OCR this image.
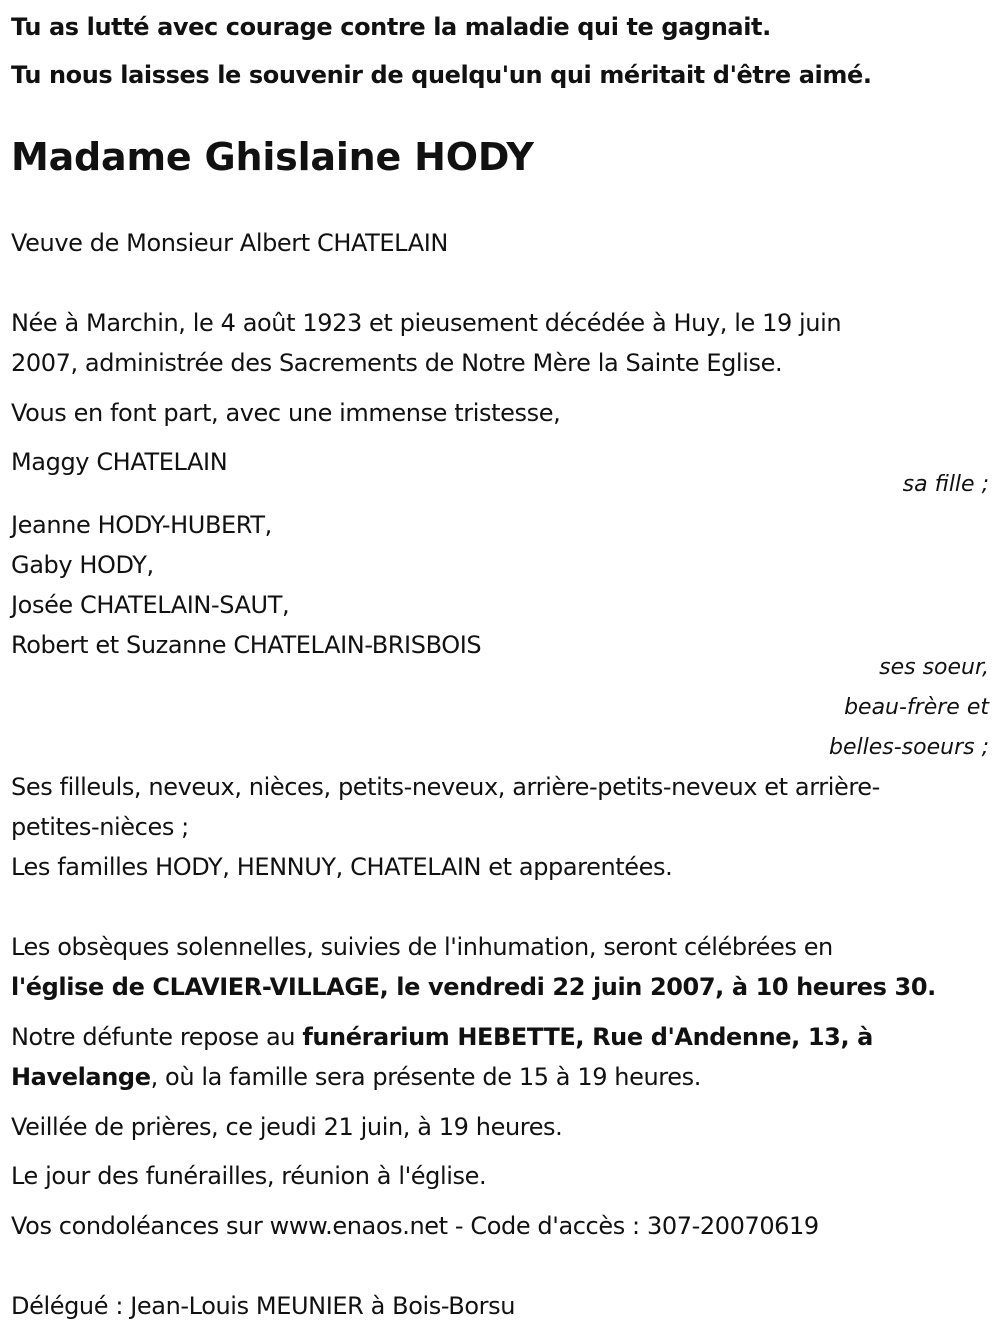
Tu as lutté avec courage contre la maladie qui te gagnait.
Tu nous laisses le souvenir de quelqu'un qui méritait d'être aimé.
Madame Ghislaine HODY
Veuve de Monsieur Albert CHATELAIN
Née à Marchin, le 4 août 1923 et pieusement décédée à Huy, le 19 juin
2007, administrée des Sacrements de Notre Mère la Sainte Eglise.
Vous en font part, avec une immense tristesse,
Maggy CHATELAIN
sa fille ;
Jeanne HODY-HUBERT,
Gaby HODY,
Josée CHATELAIN-SAUT,
Robert et Suzanne CHATELAIN-BRISBOIS
ses soeur,
beau-frère et
belles-soeurs ;
Ses filleuls, neveux, nièces, petits-neveux, arrière-petits-neveux et arrière-
petites-nièces ;
Les familles HODY, HENNUY, CHATELAIN et apparentées.
Les obsèques solennelles, suivies de l'inhumation, seront célébrées en
l'église de CLAVIER-VILLAGE, le vendredi 22 juin 2007, à 10 heures 30.
Notre défunte repose au funérarium HEBETTE, Rue d'Andenne, 13, à
Havelange, où la famille sera présente de 15 à 19 heures.
Veillée de prières, ce jeudi 21 juin, à 19 heures.
Le jour des funérailles, réunion à l'église.
Vos condoléances sur www.enaos.net - Code d'accès : 307-20070619
Délégué : Jean-Louis MEUNIER à Bois-Borsu
